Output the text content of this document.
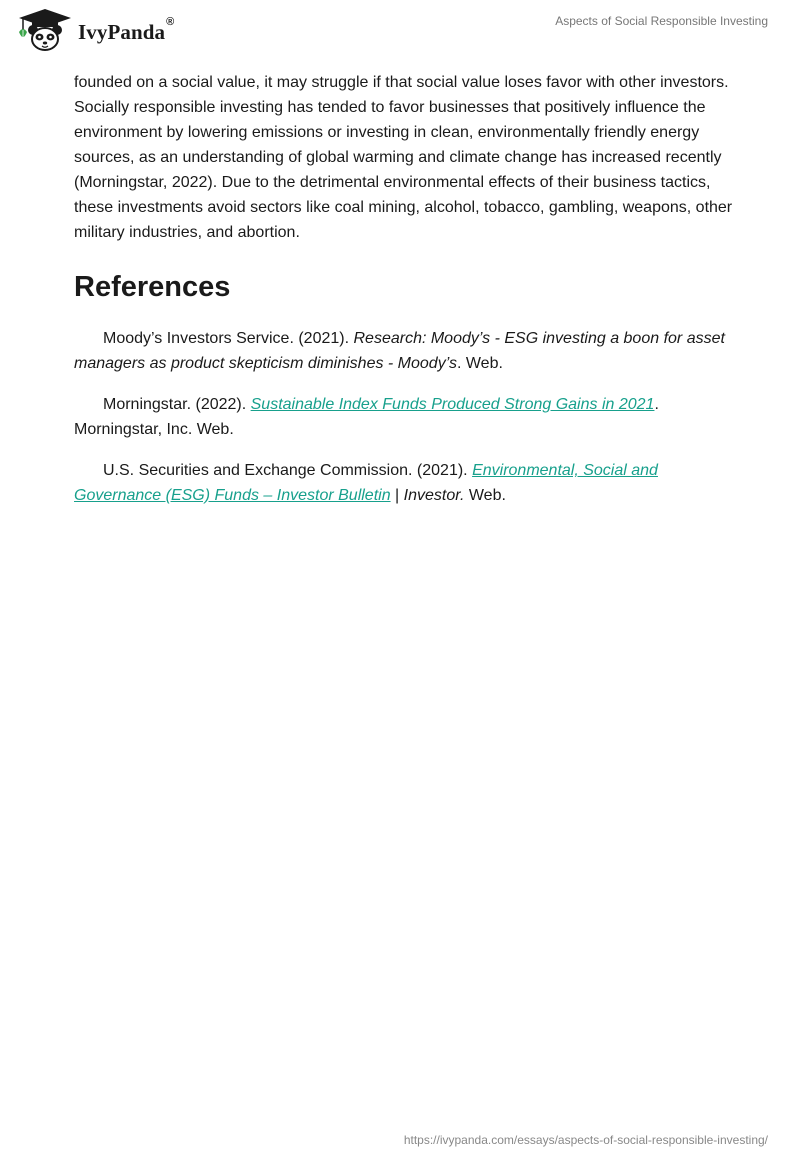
IvyPanda®	Aspects of Social Responsible Investing

founded on a social value, it may struggle if that social value loses favor with other investors. Socially responsible investing has tended to favor businesses that positively influence the environment by lowering emissions or investing in clean, environmentally friendly energy sources, as an understanding of global warming and climate change has increased recently (Morningstar, 2022). Due to the detrimental environmental effects of their business tactics, these investments avoid sectors like coal mining, alcohol, tobacco, gambling, weapons, other military industries, and abortion.

References

Moody’s Investors Service. (2021). Research: Moody’s - ESG investing a boon for asset managers as product skepticism diminishes - Moody’s. Web.

Morningstar. (2022). Sustainable Index Funds Produced Strong Gains in 2021. Morningstar, Inc. Web.

U.S. Securities and Exchange Commission. (2021). Environmental, Social and Governance (ESG) Funds – Investor Bulletin | Investor. Web.

https://ivypanda.com/essays/aspects-of-social-responsible-investing/
